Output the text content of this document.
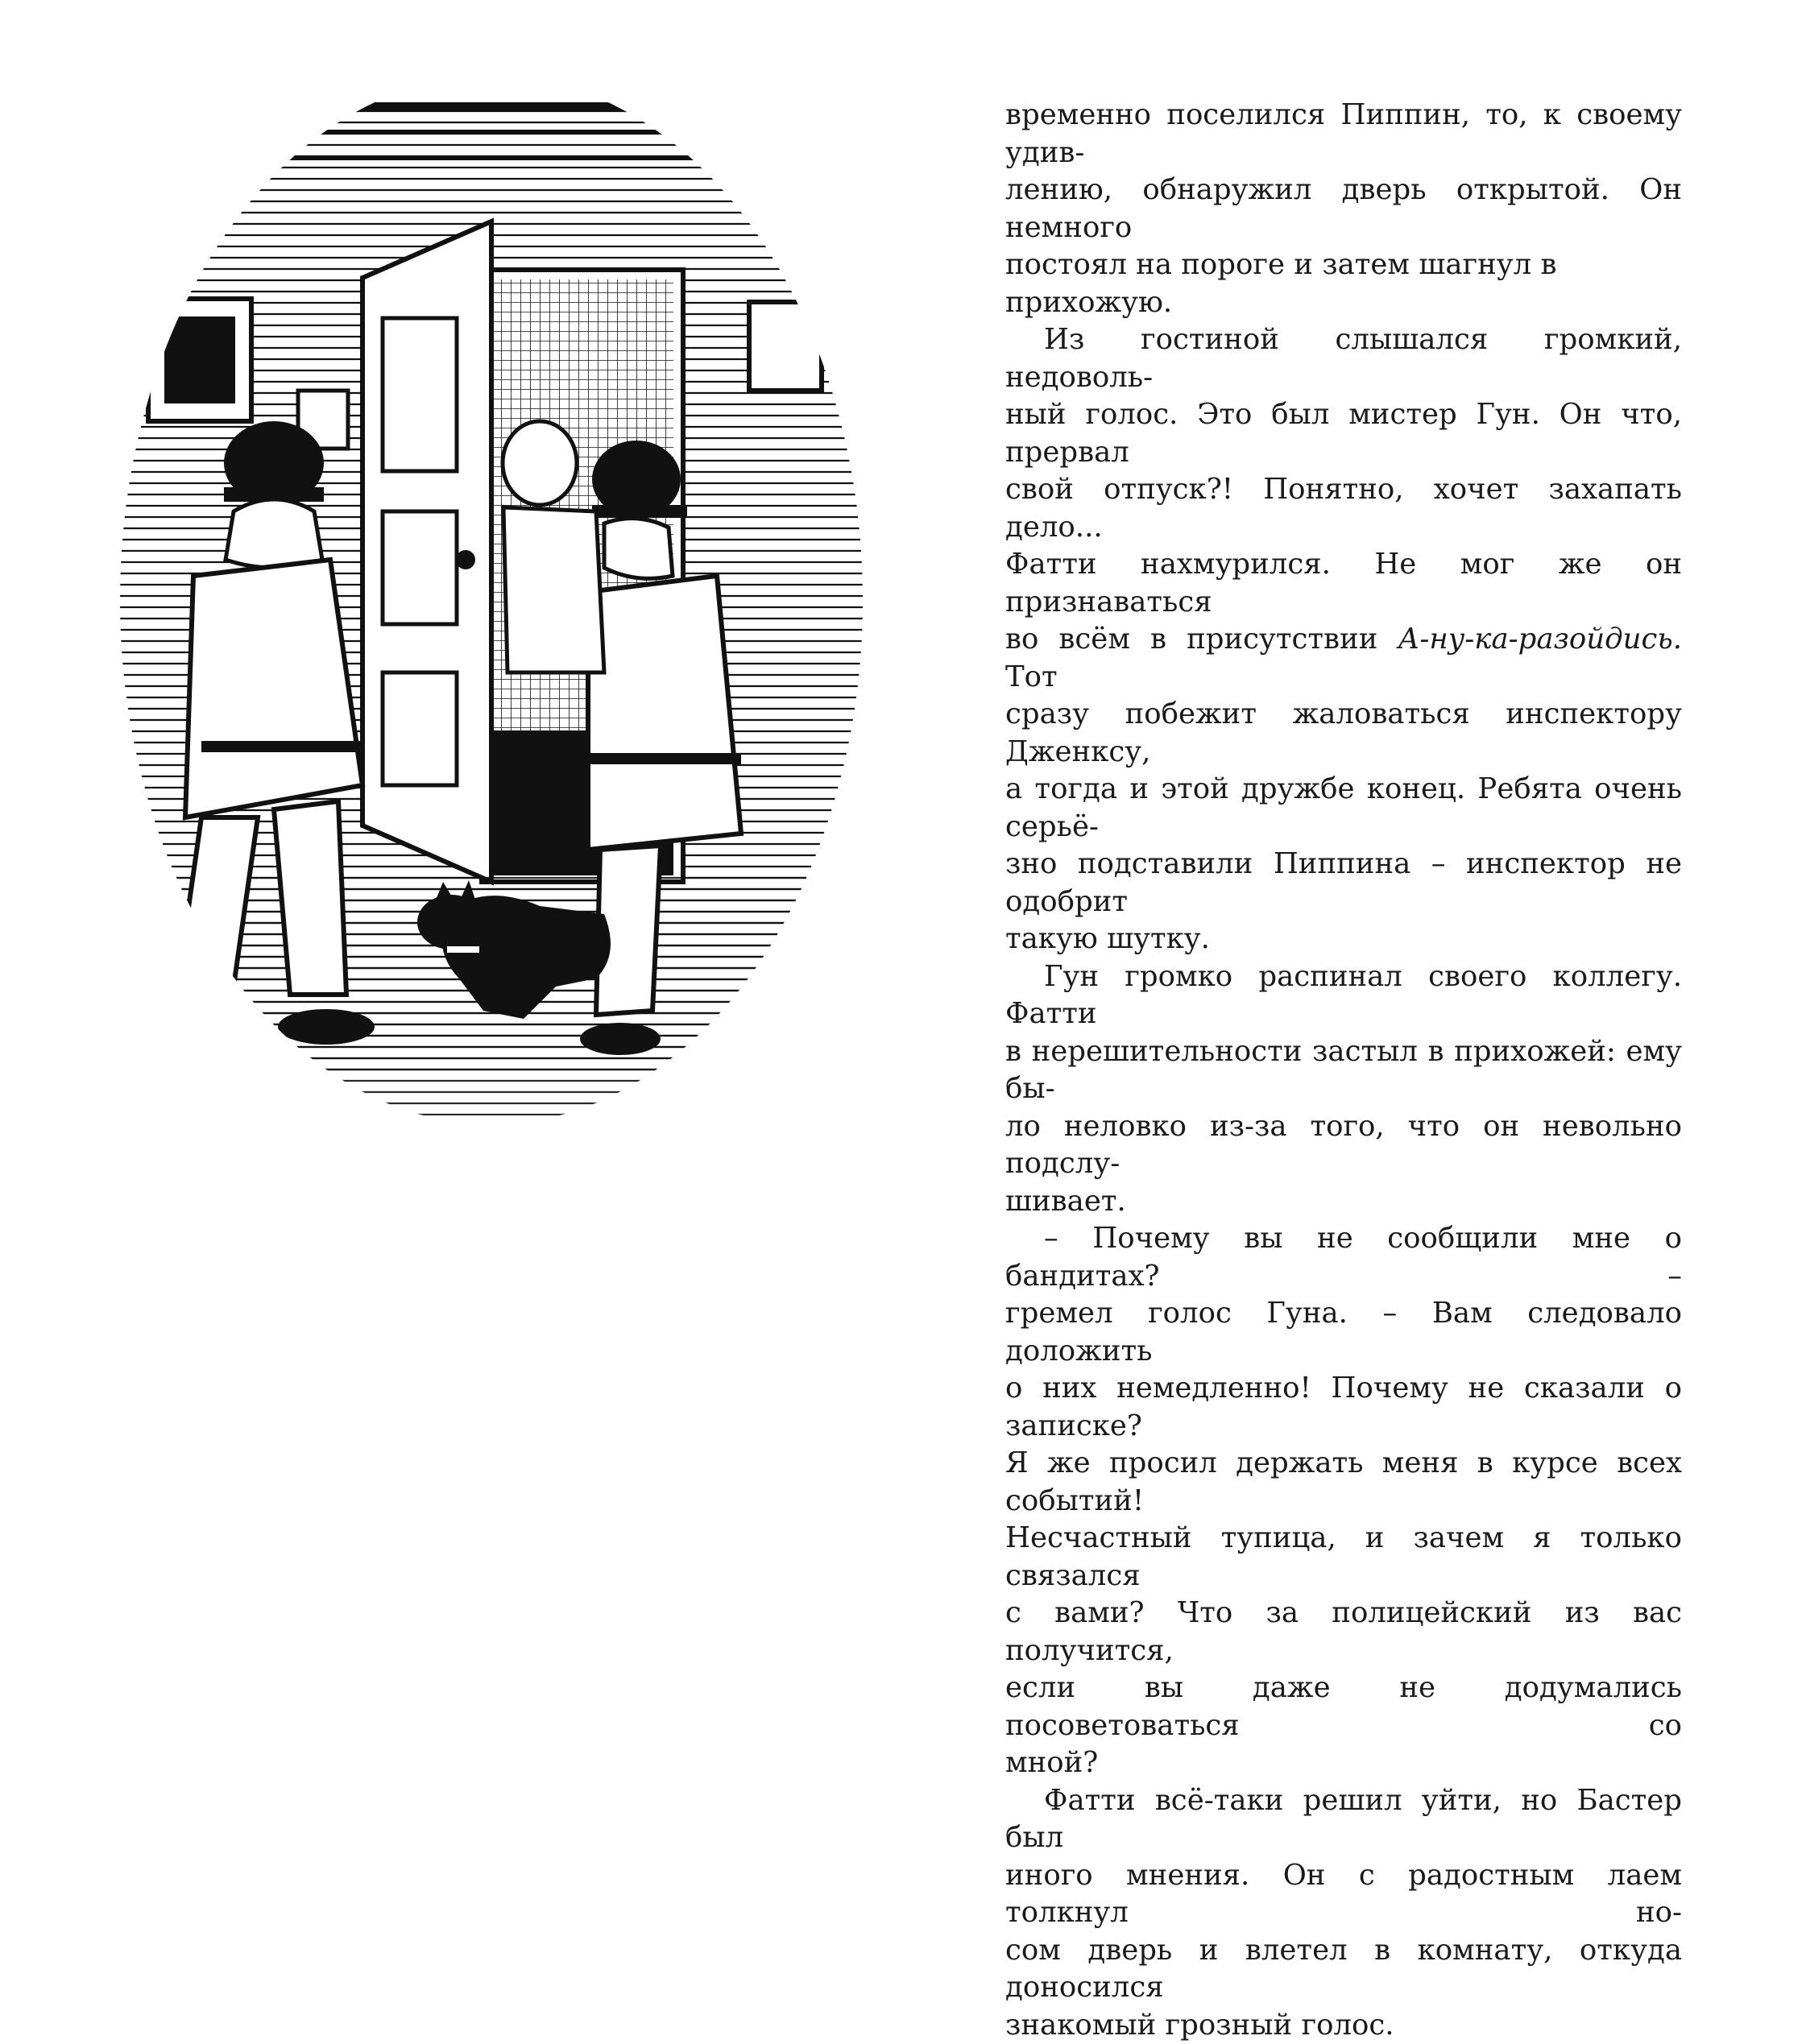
временно поселился Пиппин, то, к своему удив-
лению, обнаружил дверь открытой. Он немного
постоял на пороге и затем шагнул в прихожую.

Из гостиной слышался громкий, недоволь-
ный голос. Это был мистер Гун. Он что, прервал
свой отпуск?! Понятно, хочет захапать дело...
Фатти нахмурился. Не мог же он признаваться
во всём в присутствии А-ну-ка-разойдись. Тот
сразу побежит жаловаться инспектору Дженксу,
а тогда и этой дружбе конец. Ребята очень серьё-
зно подставили Пиппина – инспектор не одобрит
такую шутку.

Гун громко распинал своего коллегу. Фатти
в нерешительности застыл в прихожей: ему бы-
ло неловко из-за того, что он невольно подслу-
шивает.

– Почему вы не сообщили мне о бандитах? –
гремел голос Гуна. – Вам следовало доложить
о них немедленно! Почему не сказали о записке?
Я же просил держать меня в курсе всех событий!
Несчастный тупица, и зачем я только связался
с вами? Что за полицейский из вас получится,
если вы даже не додумались посоветоваться со
мной?

Фатти всё-таки решил уйти, но Бастер был
иного мнения. Он с радостным лаем толкнул но-
сом дверь и влетел в комнату, откуда доносился
знакомый грозный голос.
